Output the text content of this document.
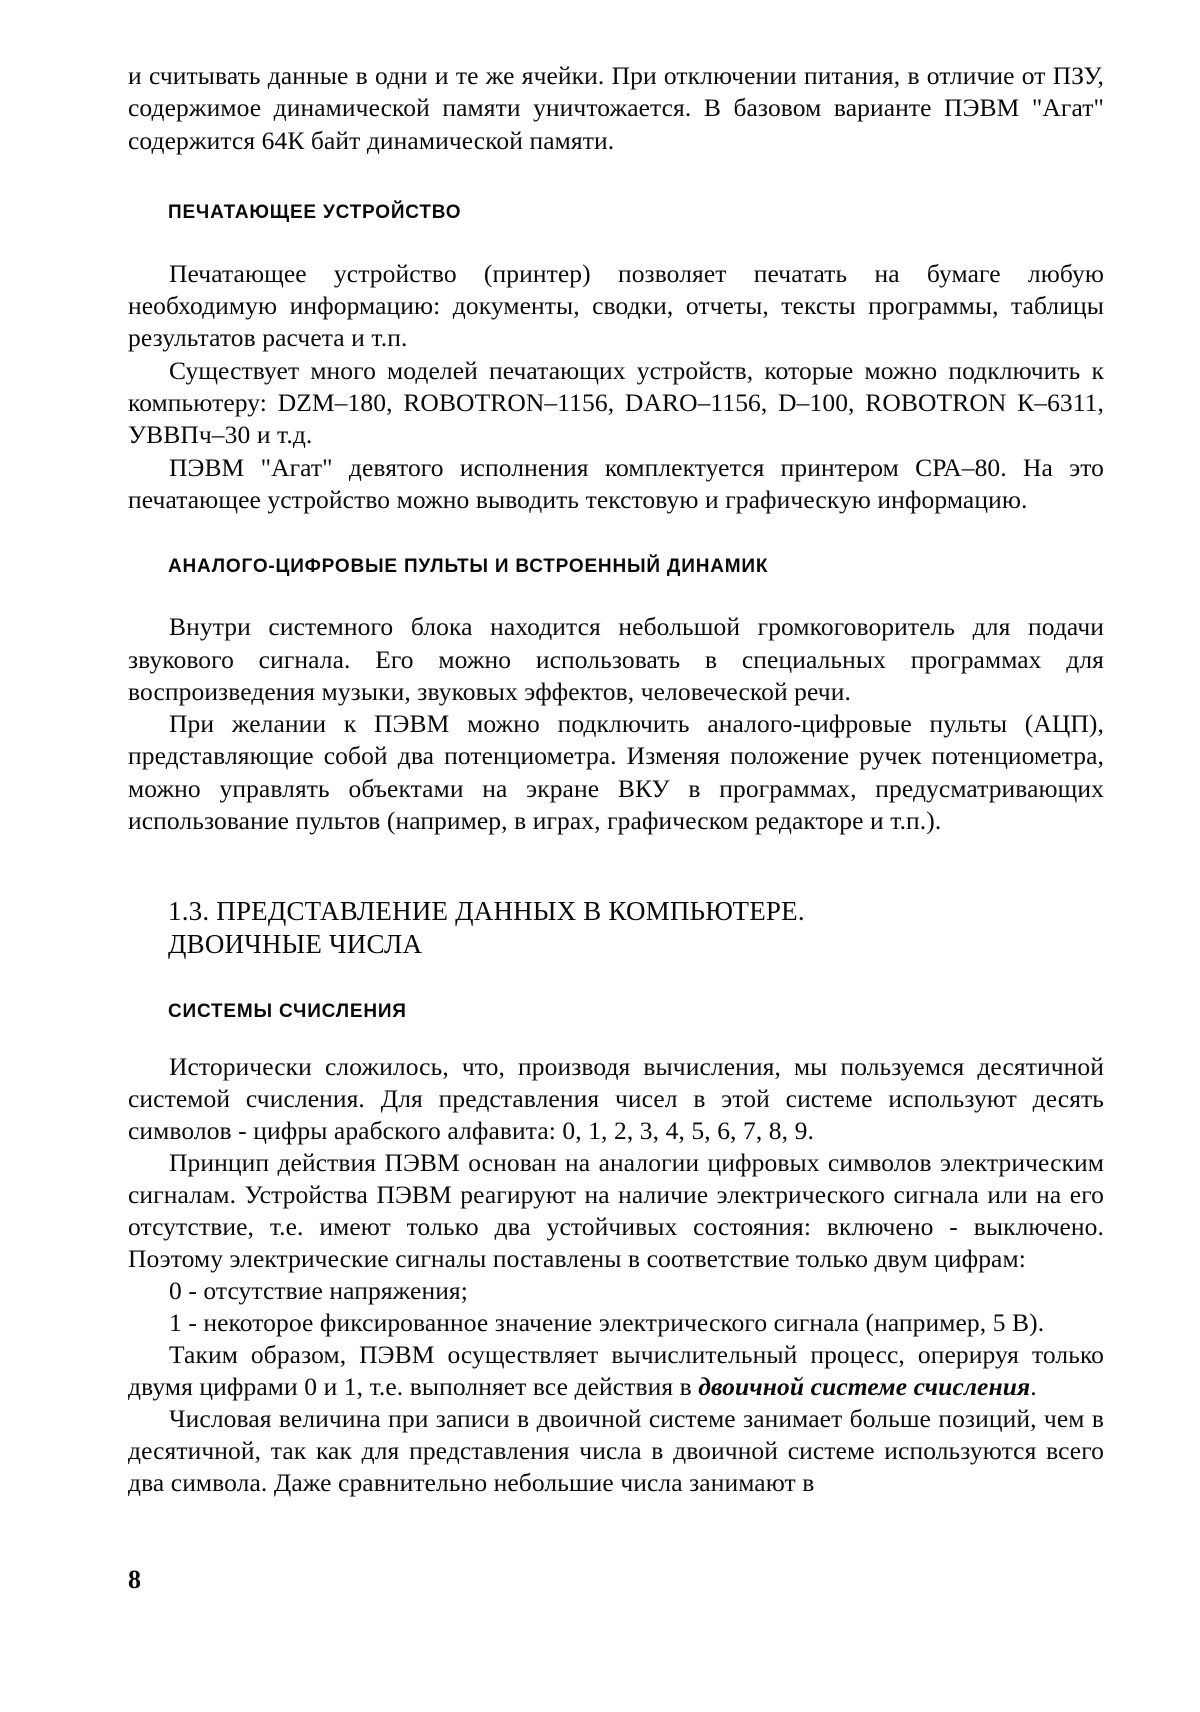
и считывать данные в одни и те же ячейки. При отключении питания, в отличие от ПЗУ, содержимое динамической памяти уничтожается. В базовом варианте ПЭВМ "Агат" содержится 64К байт динамической памяти.

ПЕЧАТАЮЩЕЕ УСТРОЙСТВО

Печатающее устройство (принтер) позволяет печатать на бумаге любую необходимую информацию: документы, сводки, отчеты, тексты программы, таблицы результатов расчета и т.п.

Существует много моделей печатающих устройств, которые можно подключить к компьютеру: DZM–180, ROBOTRON–1156, DARO–1156, D–100, ROBOTRON К–6311, УВВПч–30 и т.д.

ПЭВМ "Агат" девятого исполнения комплектуется принтером СРА–80. На это печатающее устройство можно выводить текстовую и графическую информацию.

АНАЛОГО-ЦИФРОВЫЕ ПУЛЬТЫ И ВСТРОЕННЫЙ ДИНАМИК

Внутри системного блока находится небольшой громкоговоритель для подачи звукового сигнала. Его можно использовать в специальных программах для воспроизведения музыки, звуковых эффектов, человеческой речи.

При желании к ПЭВМ можно подключить аналого-цифровые пульты (АЦП), представляющие собой два потенциометра. Изменяя положение ручек потенциометра, можно управлять объектами на экране ВКУ в программах, предусматривающих использование пультов (например, в играх, графическом редакторе и т.п.).

1.3. ПРЕДСТАВЛЕНИЕ ДАННЫХ В КОМПЬЮТЕРЕ.
ДВОИЧНЫЕ ЧИСЛА
СИСТЕМЫ СЧИСЛЕНИЯ

Исторически сложилось, что, производя вычисления, мы пользуемся десятичной системой счисления. Для представления чисел в этой системе используют десять символов - цифры арабского алфавита: 0, 1, 2, 3, 4, 5, 6, 7, 8, 9.

Принцип действия ПЭВМ основан на аналогии цифровых символов электрическим сигналам. Устройства ПЭВМ реагируют на наличие электрического сигнала или на его отсутствие, т.е. имеют только два устойчивых состояния: включено - выключено. Поэтому электрические сигналы поставлены в соответствие только двум цифрам:

0 - отсутствие напряжения;

1 - некоторое фиксированное значение электрического сигнала (например, 5 В).

Таким образом, ПЭВМ осуществляет вычислительный процесс, оперируя только двумя цифрами 0 и 1, т.е. выполняет все действия в двоичной системе счисления.

Числовая величина при записи в двоичной системе занимает больше позиций, чем в десятичной, так как для представления числа в двоичной системе используются всего два символа. Даже сравнительно небольшие числа занимают в

8
